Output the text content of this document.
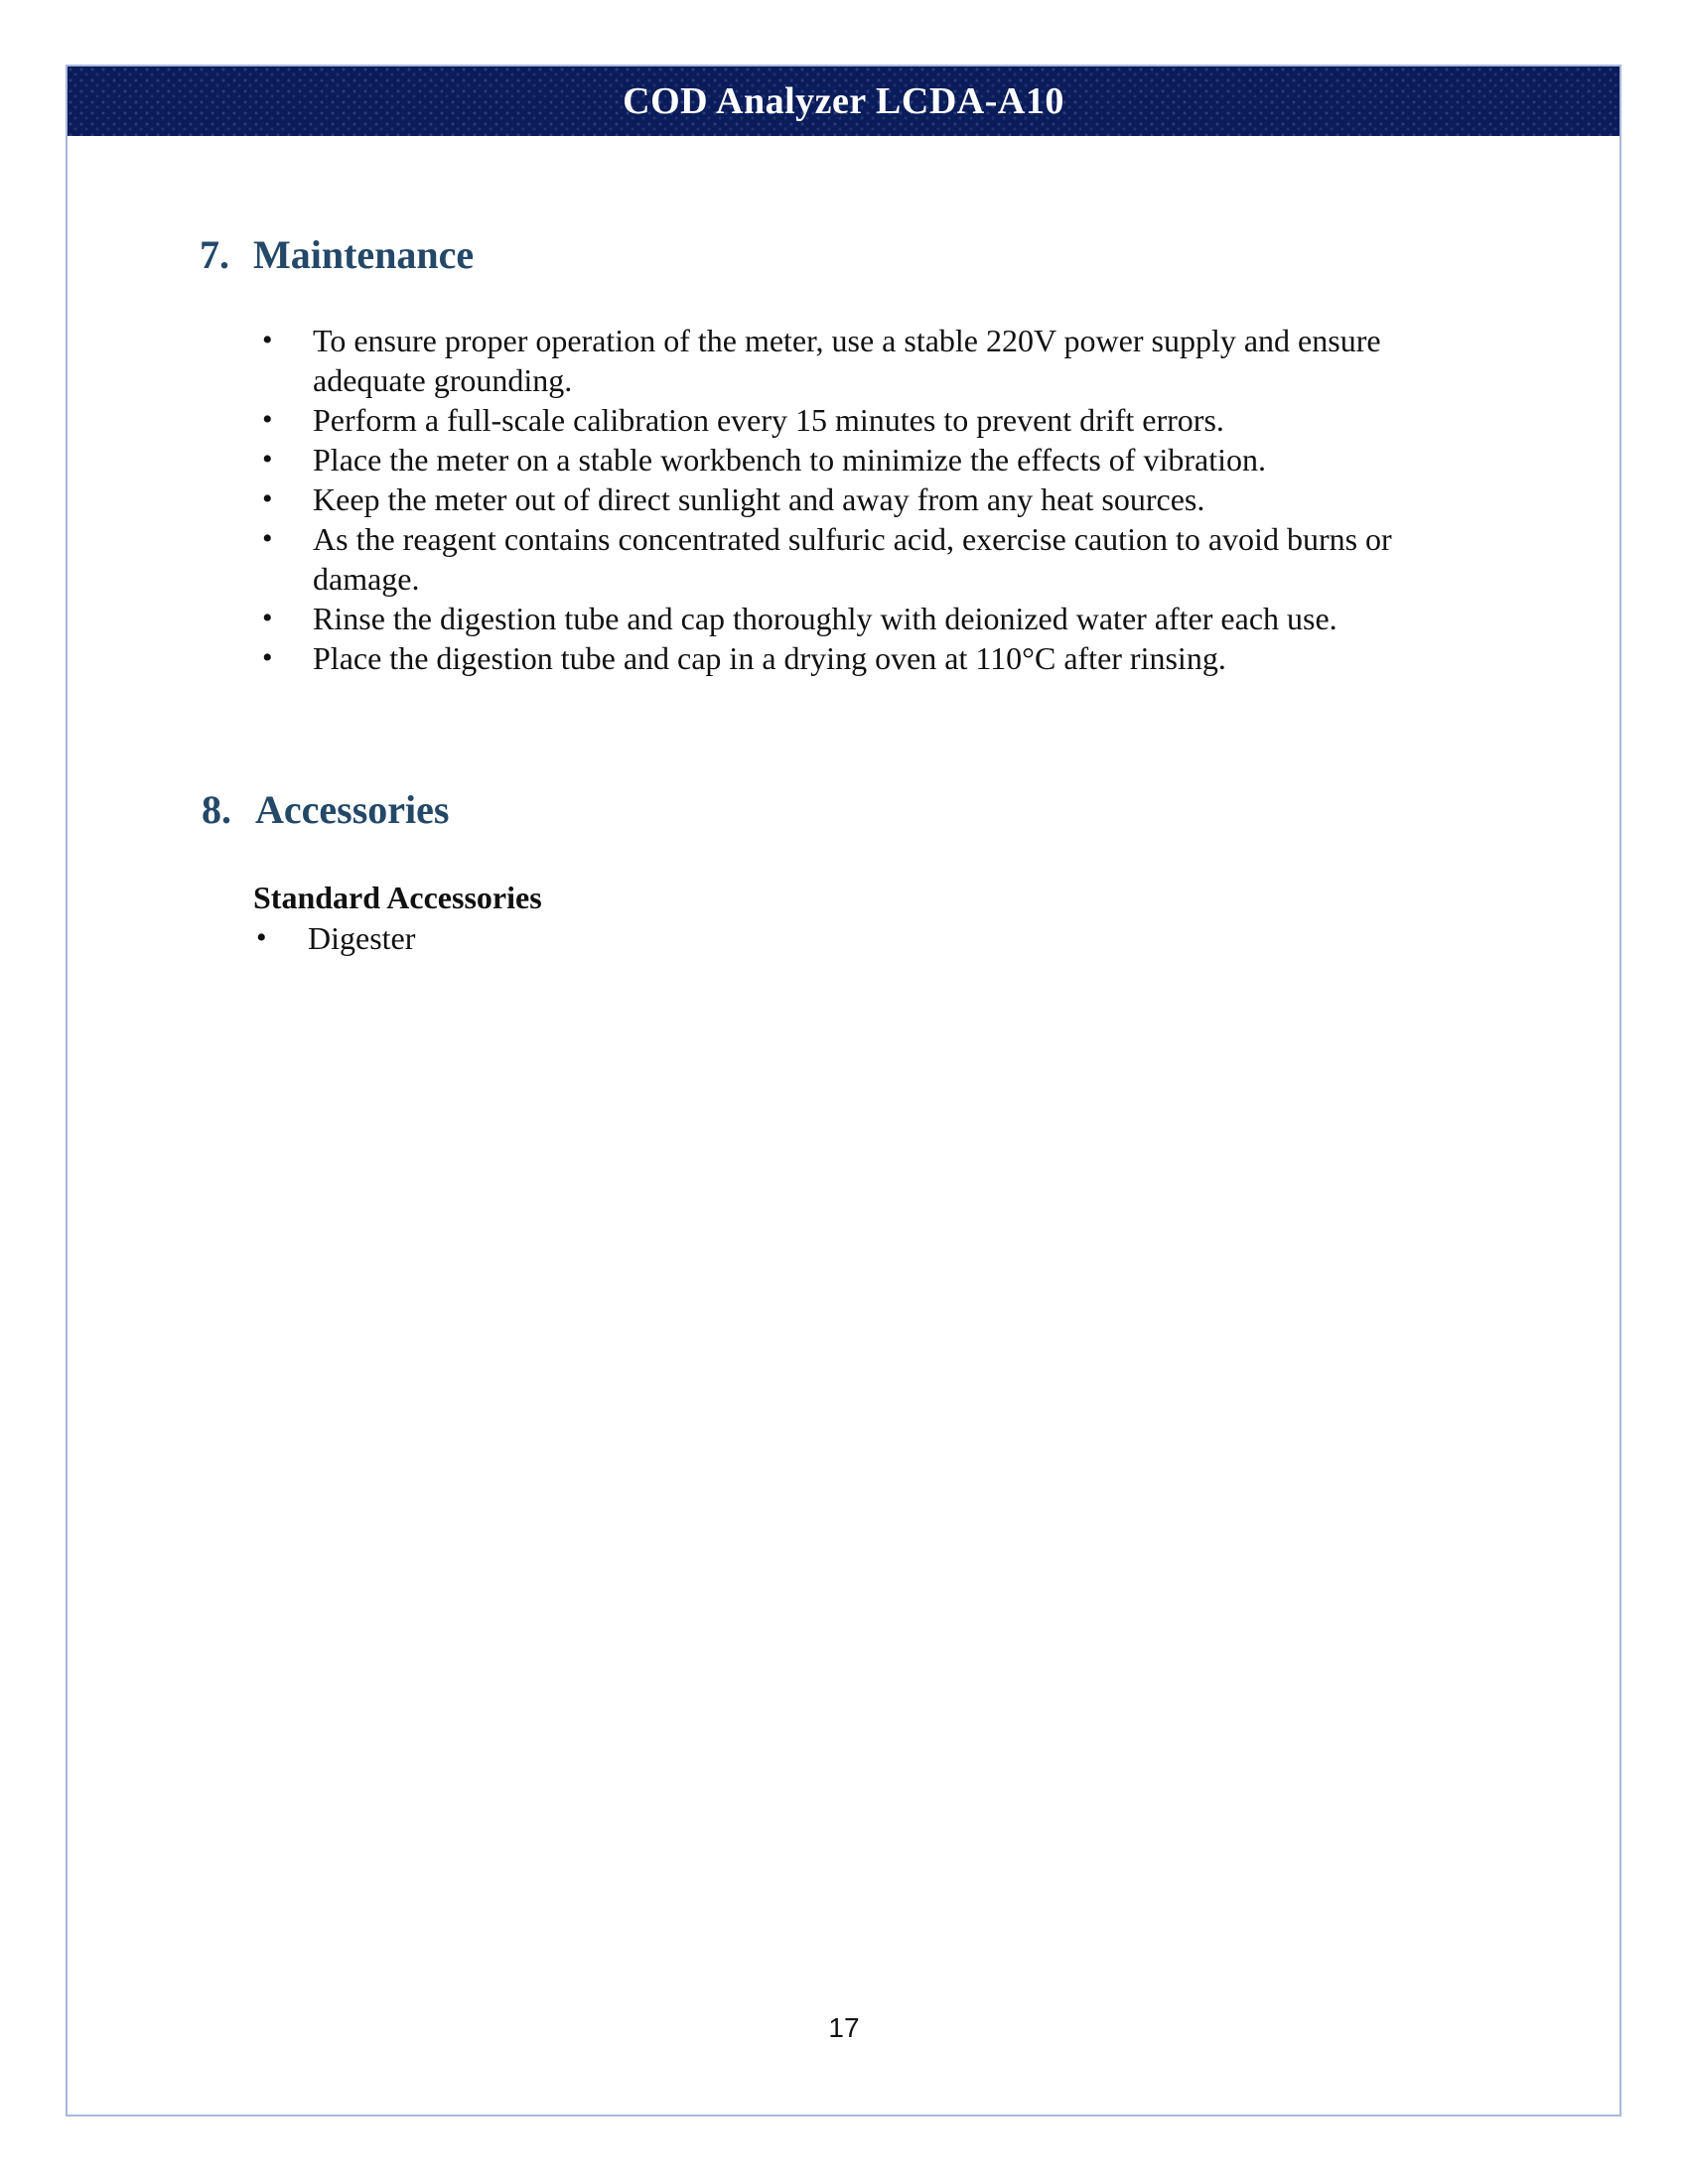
COD Analyzer LCDA-A10
7. Maintenance
•	To ensure proper operation of the meter, use a stable 220V power supply and ensure
adequate grounding.
•	Perform a full-scale calibration every 15 minutes to prevent drift errors.
•	Place the meter on a stable workbench to minimize the effects of vibration.
•	Keep the meter out of direct sunlight and away from any heat sources.
•	As the reagent contains concentrated sulfuric acid, exercise caution to avoid burns or
damage.
•	Rinse the digestion tube and cap thoroughly with deionized water after each use.
•	Place the digestion tube and cap in a drying oven at 110°C after rinsing.
8. Accessories
Standard Accessories
•	Digester
17
